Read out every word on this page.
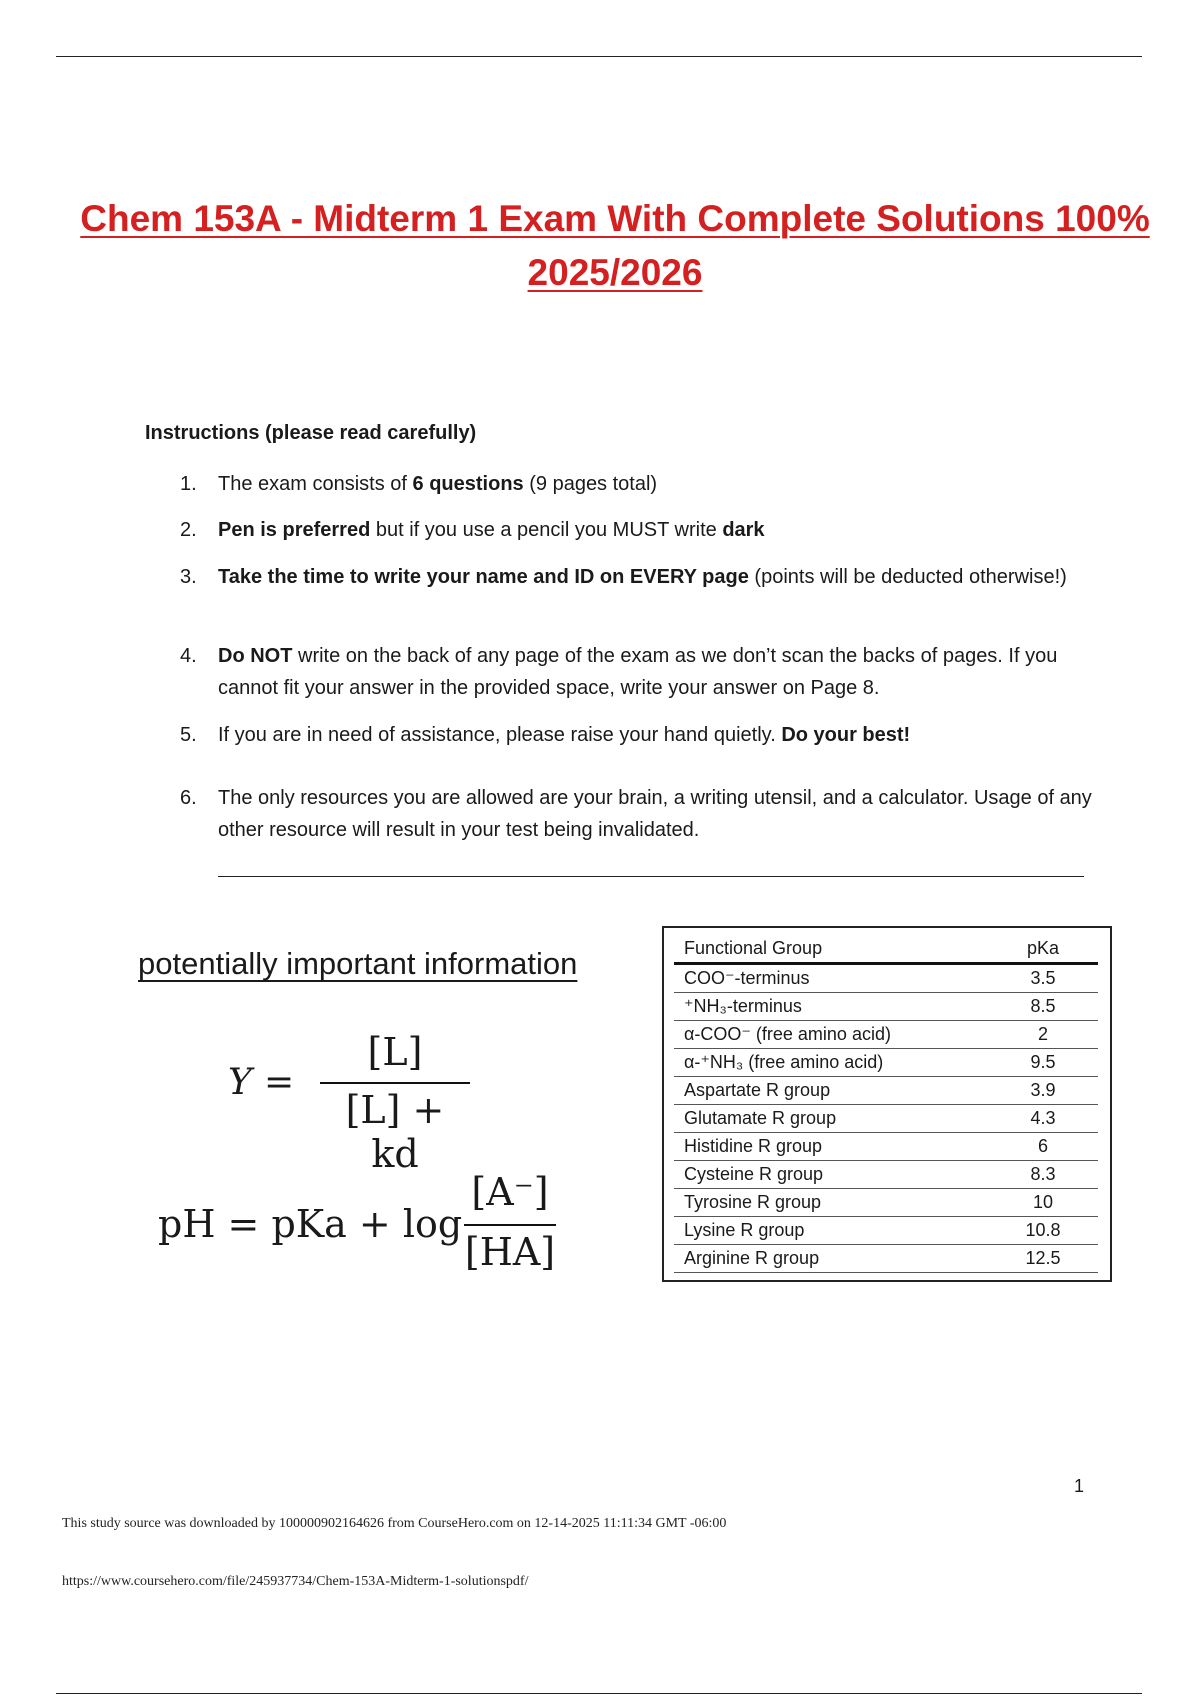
Chem 153A - Midterm 1 Exam With Complete Solutions 100%
2025/2026
Instructions (please read carefully)
1.	The exam consists of 6 questions (9 pages total)
2.	Pen is preferred but if you use a pencil you MUST write dark
3.	Take the time to write your name and ID on EVERY page (points will be deducted otherwise!)
4.	Do NOT write on the back of any page of the exam as we don’t scan the backs of pages. If you cannot fit your answer in the provided space, write your answer on Page 8.
5.	If you are in need of assistance, please raise your hand quietly. Do your best!
6.	The only resources you are allowed are your brain, a writing utensil, and a calculator. Usage of any other resource will result in your test being invalidated.
potentially important information
Y =
[L]
[L] + kd
pH = pKa + log
[A⁻]
[HA]
Functional Group	pKa
COO⁻-terminus	3.5
⁺NH₃-terminus	8.5
α-COO⁻ (free amino acid)	2
α-⁺NH₃ (free amino acid)	9.5
Aspartate R group	3.9
Glutamate R group	4.3
Histidine R group	6
Cysteine R group	8.3
Tyrosine R group	10
Lysine R group	10.8
Arginine R group	12.5
1
This study source was downloaded by 100000902164626 from CourseHero.com on 12-14-2025 11:11:34 GMT -06:00
https://www.coursehero.com/file/245937734/Chem-153A-Midterm-1-solutionspdf/
